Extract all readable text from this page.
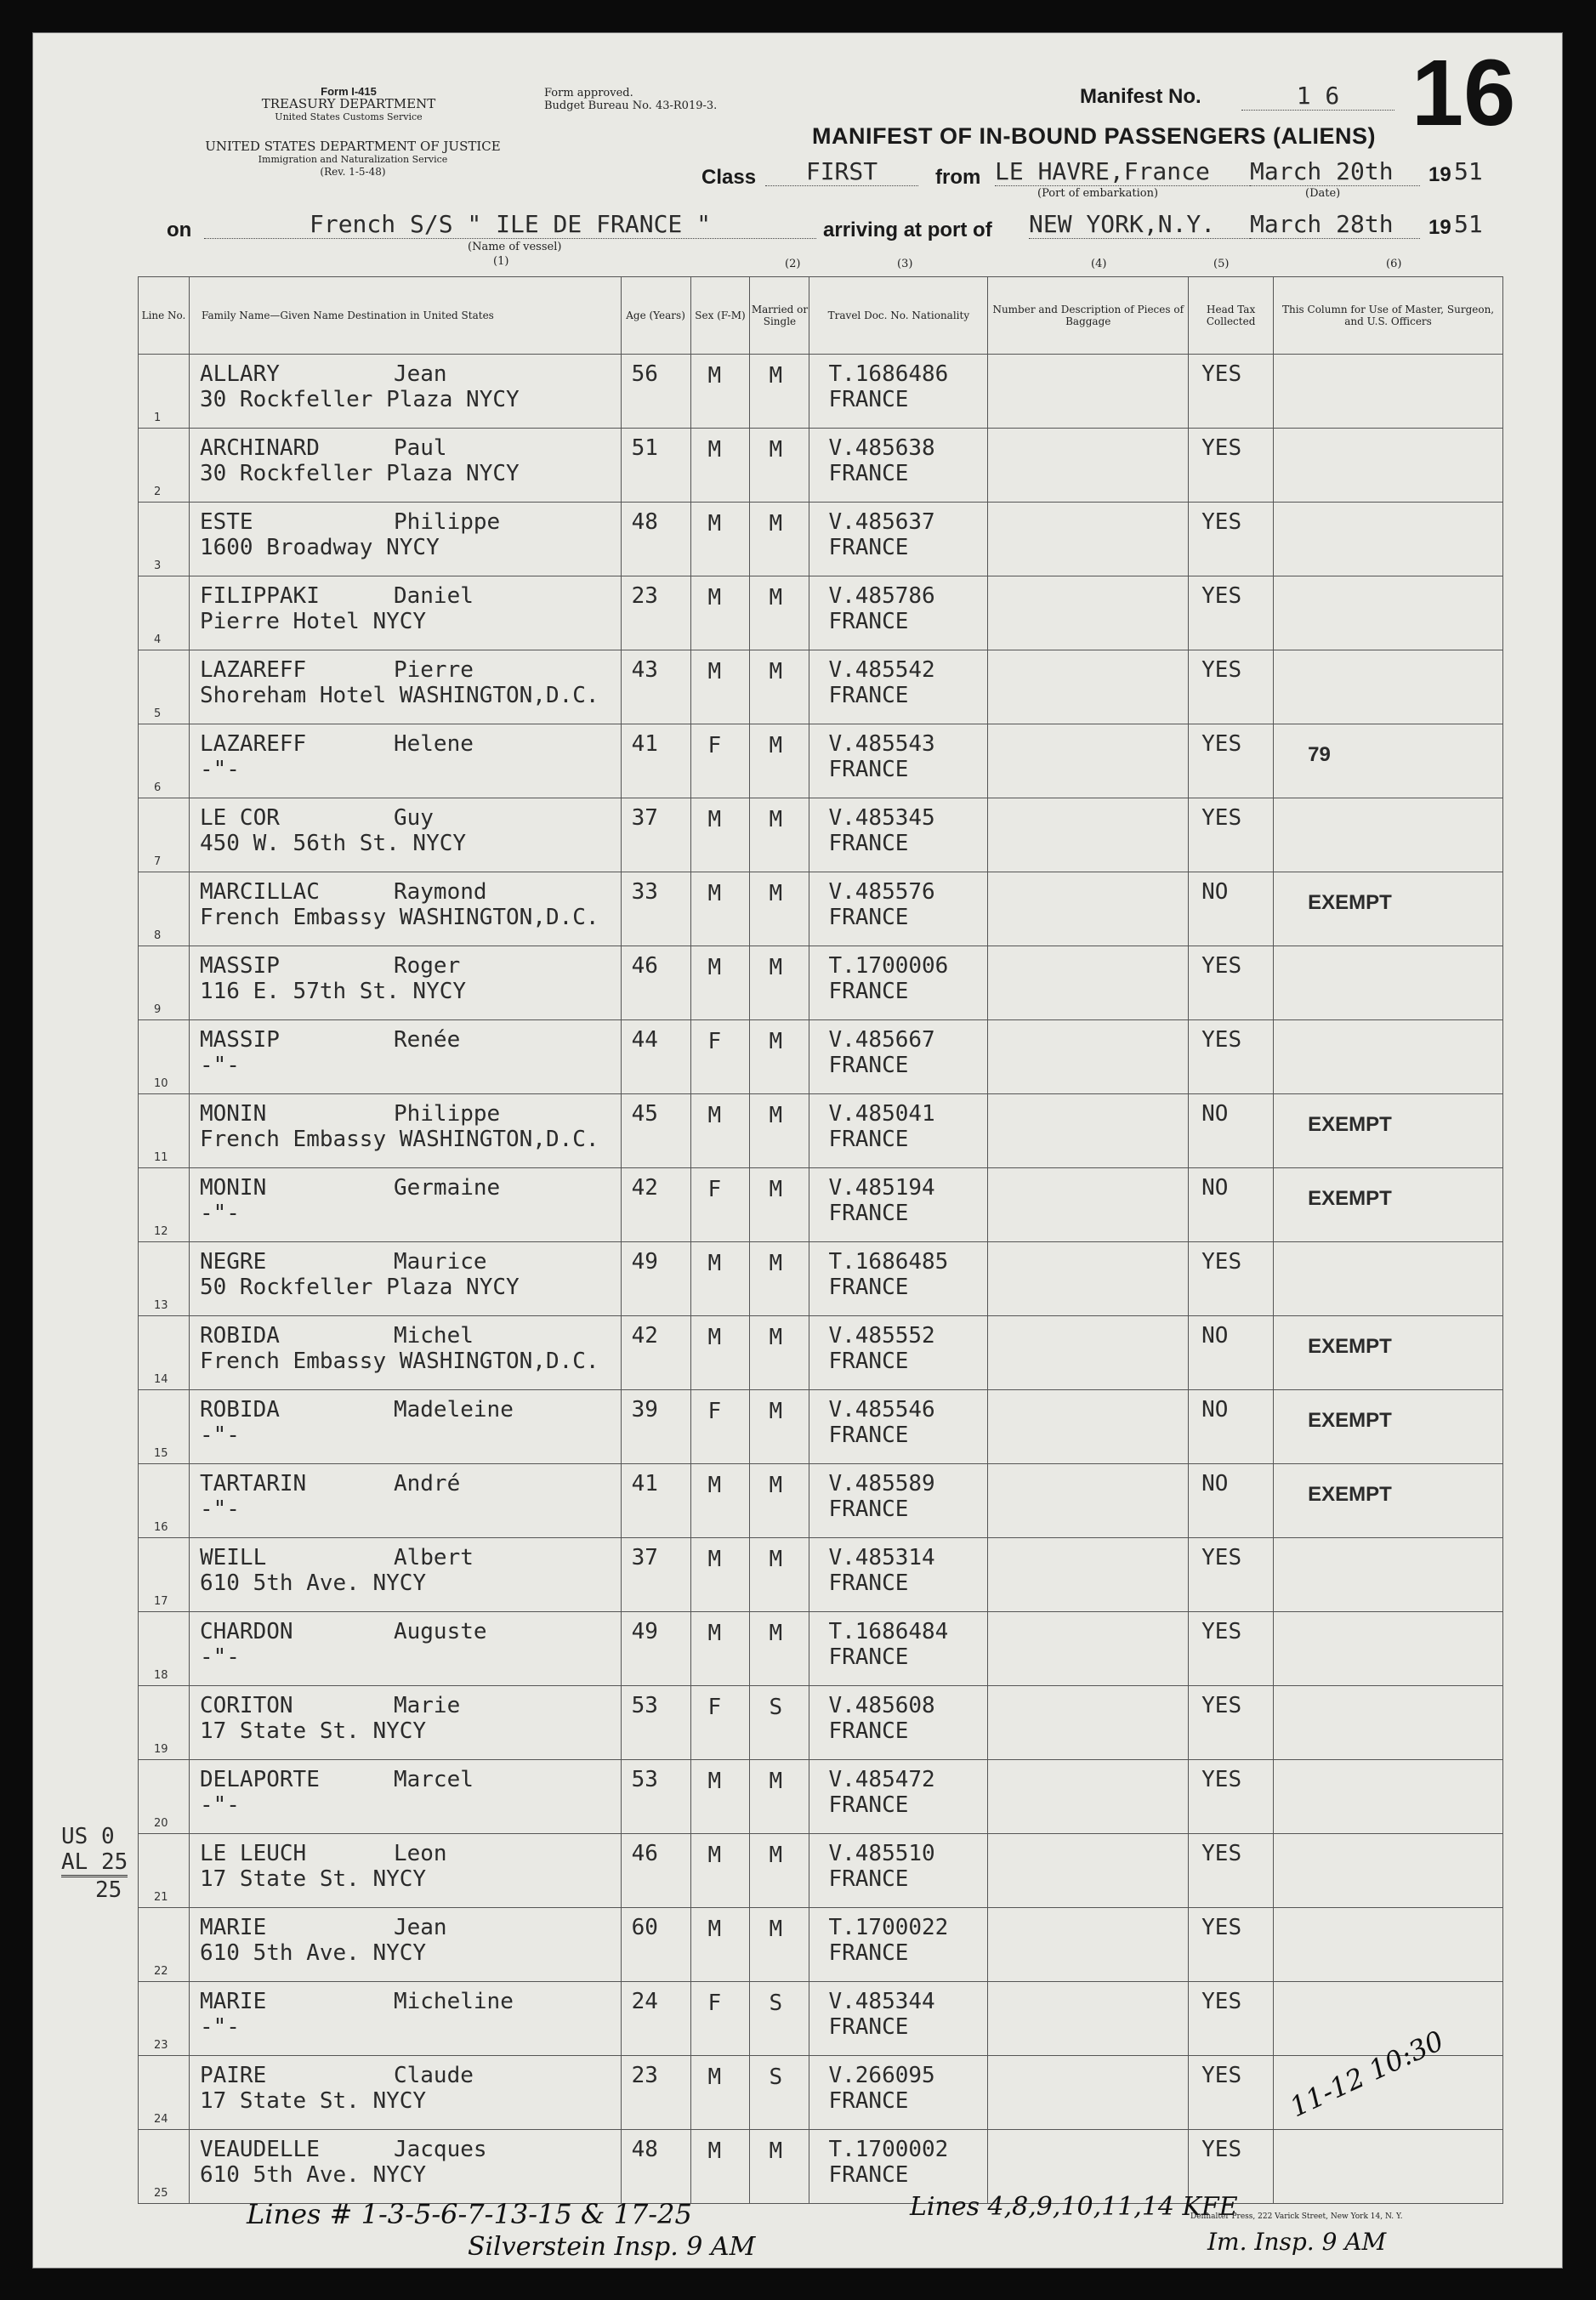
Form I-415
TREASURY DEPARTMENT
United States Customs Service
UNITED STATES DEPARTMENT OF JUSTICE
Immigration and Naturalization Service
(Rev. 1-5-48)
Form approved.
Budget Bureau No. 43-R019-3.	Manifest No.	1 6 16
MANIFEST OF IN-BOUND PASSENGERS (ALIENS)
Class	FIRST	from LE HAVRE,France	March 20th	19 51
(Port of embarkation)	(Date)
on	French S/S " ILE DE FRANCE "
(Name of vessel)
(1)
arriving at port of NEW YORK,N.Y.	March 28th	19 51
(2)	(3)	(4)	(5)	(6)
Line No.	Family Name—Given Name Destination in United States	Age (Years)	Sex (F-M)	Married or Single	Travel Doc. No. Nationality	Number and Description of Pieces of Baggage	Head Tax Collected	This Column for Use of Master, Surgeon, and U.S. Officers

1	ALLARY Jean
30 Rockfeller Plaza NYCY	56	M	M	T.1686486
FRANCE		YES	

2	ARCHINARD Paul
30 Rockfeller Plaza NYCY	51	M	M	V.485638
FRANCE		YES	

3	ESTE Philippe
1600 Broadway NYCY	48	M	M	V.485637
FRANCE		YES	

4	FILIPPAKI Daniel
Pierre Hotel NYCY	23	M	M	V.485786
FRANCE		YES	

5	LAZAREFF Pierre
Shoreham Hotel WASHINGTON,D.C.	43	M	M	V.485542
FRANCE		YES	

6	LAZAREFF Helene
-"-	41	F	M	V.485543
FRANCE		YES	79

7	LE COR Guy
450 W. 56th St. NYCY	37	M	M	V.485345
FRANCE		YES	

8	MARCILLAC Raymond
French Embassy WASHINGTON,D.C.	33	M	M	V.485576
FRANCE		NO	EXEMPT

9	MASSIP Roger
116 E. 57th St. NYCY	46	M	M	T.1700006
FRANCE		YES	

10	MASSIP Renée
-"-	44	F	M	V.485667
FRANCE		YES	

11	MONIN Philippe
French Embassy WASHINGTON,D.C.	45	M	M	V.485041
FRANCE		NO	EXEMPT

12	MONIN Germaine
-"-	42	F	M	V.485194
FRANCE		NO	EXEMPT

13	NEGRE Maurice
50 Rockfeller Plaza NYCY	49	M	M	T.1686485
FRANCE		YES	

14	ROBIDA Michel
French Embassy WASHINGTON,D.C.	42	M	M	V.485552
FRANCE		NO	EXEMPT

15	ROBIDA Madeleine
-"-	39	F	M	V.485546
FRANCE		NO	EXEMPT

16	TARTARIN André
-"-	41	M	M	V.485589
FRANCE		NO	EXEMPT

17	WEILL Albert
610 5th Ave. NYCY	37	M	M	V.485314
FRANCE		YES	

18	CHARDON Auguste
-"-	49	M	M	T.1686484
FRANCE		YES	

19	CORITON Marie
17 State St. NYCY	53	F	S	V.485608
FRANCE		YES	

20	DELAPORTE Marcel
-"-	53	M	M	V.485472
FRANCE		YES	

21	LE LEUCH Leon
17 State St. NYCY	46	M	M	V.485510
FRANCE		YES	

22	MARIE Jean
610 5th Ave. NYCY	60	M	M	T.1700022
FRANCE		YES	

23	MARIE Micheline
-"-	24	F	S	V.485344
FRANCE		YES	

24	PAIRE Claude
17 State St. NYCY	23	M	S	V.266095
FRANCE		YES	

25	VEAUDELLE Jacques
610 5th Ave. NYCY	48	M	M	T.1700002
FRANCE		YES	

US 0
AL 25
25
11-12 10:30
Lines # 1-3-5-6-7-13-15 & 17-25
Silverstein Insp. 9 AM
Lines 4,8,9,10,11,14 KFE
Im. Insp. 9 AM
Denhalter Press, 222 Varick Street, New York 14, N. Y.
